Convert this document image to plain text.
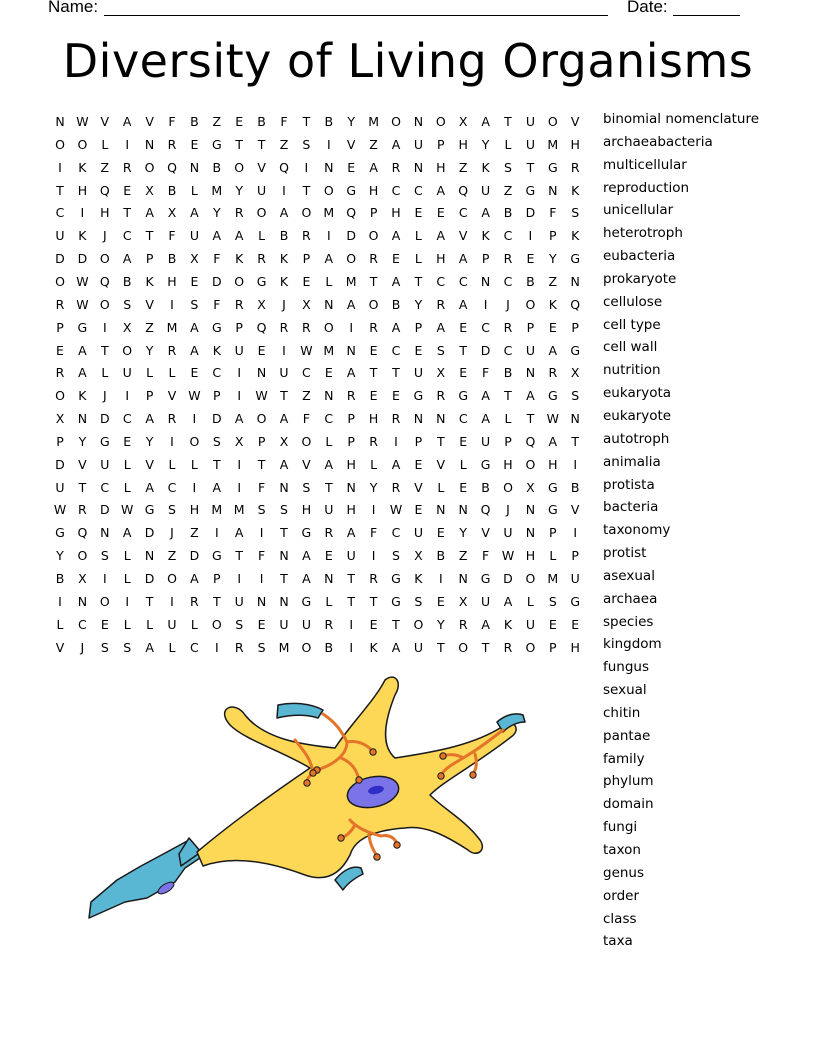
Name:	Date:
Diversity of Living Organisms
N W V	A	V	F	B	Z	E	B	F	T	B	Y	M O	N	O	X	A	T	U	O	V
O	O	L	I	N	R	E	G	T	T	Z	S	I	V	Z	A	U	P	H	Y	L	U M H
I	K	Z	R	O	Q	N	B	O	V	Q	I	N	E	A	R	N	H	Z	K	S	T	G	R
T	H	Q	E	X	B	L	M	Y	U	I	T	O	G	H	C	C	A	Q	U	Z	G	N	K
C	I	H	T	A	X	A	Y	R	O	A	O M Q	P	H	E	E	C	A	B	D	F	S
U	K	J	C	T	F	U	A	A	L	B	R	I	D	O	A	L	A	V	K	C	I	P	K
D	D	O	A	P	B	X	F	K	R	K	P	A	O	R	E	L	H	A	P	R	E	Y	G
O W Q	B	K	H	E	D	O	G	K	E	L	M	T	A	T	C	C	N	C	B	Z	N
R W O	S	V	I	S	F	R	X	J	X	N	A	O	B	Y	R	A	I	J	O	K	Q
P	G	I	X	Z	M	A	G	P	Q	R	R	O	I	R	A	P	A	E	C	R	P	E	P
E	A	T	O	Y	R	A	K	U	E	I	W M N	E	C	E	S	T	D	C	U	A	G
R	A	L	U	L	L	E	C	I	N	U	C	E	A	T	T	U	X	E	F	B	N	R	X
O	K	J	I	P	V W P	I	W T	Z	N	R	E	E	G	R	G	A	T	A	G	S
X	N	D	C	A	R	I	D	A	O	A	F	C	P	H	R	N	N	C	A	L	T W N
P	Y	G	E	Y	I	O	S	X	P	X	O	L	P	R	I	P	T	E	U	P	Q	A	T
D	V	U	L	V	L	L	T	I	T	A	V	A	H	L	A	E	V	L	G	H	O	H	I
U	T	C	L	A	C	I	A	I	F	N	S	T	N	Y	R	V	L	E	B	O	X	G	B
W R	D W G	S	H M M	S	S	H	U	H	I	W E	N	N	Q	J	N	G	V
G	Q	N	A	D	J	Z	I	A	I	T	G	R	A	F	C	U	E	Y	V	U	N	P	I
Y	O	S	L	N	Z	D	G	T	F	N	A	E	U	I	S	X	B	Z	F	W H	L	P
B	X	I	L	D	O	A	P	I	I	T	A	N	T	R	G	K	I	N	G	D	O M U
I	N	O	I	T	I	R	T	U	N	N	G	L	T	T	G	S	E	X	U	A	L	S	G
L	C	E	L	L	U	L	O	S	E	U	U	R	I	E	T	O	Y	R	A	K	U	E	E
V	J	S	S	A	L	C	I	R	S	M O	B	I	K	A	U	T	O	T	R	O	P	H
binomial nomenclature
archaeabacteria
multicellular
reproduction
unicellular
heterotroph
eubacteria
prokaryote
cellulose
cell type
cell wall
nutrition
eukaryota
eukaryote
autotroph
animalia
protista
bacteria
taxonomy
protist
asexual
archaea
species
kingdom
fungus
sexual
chitin
pantae
family
phylum
domain
fungi
taxon
genus
order
class
taxa
